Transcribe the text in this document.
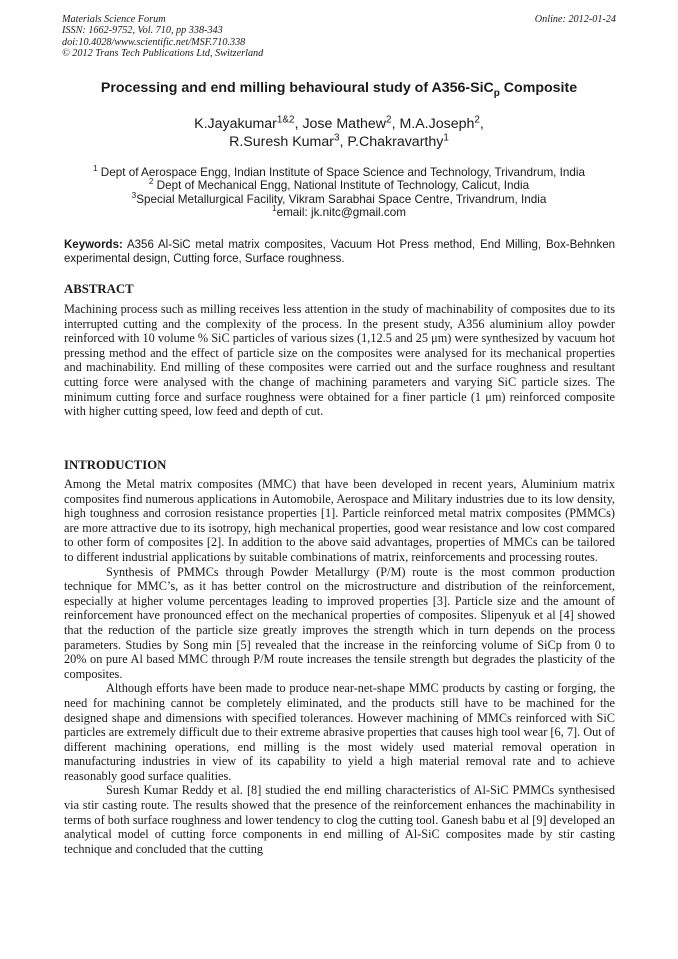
Materials Science Forum
ISSN: 1662-9752, Vol. 710, pp 338-343
doi:10.4028/www.scientific.net/MSF.710.338
© 2012 Trans Tech Publications Ltd, Switzerland
Online: 2012-01-24
Processing and end milling behavioural study of A356-SiC$_p$ Composite
K.Jayakumar$^{1\&2}$, Jose Mathew$^2$, M.A.Joseph$^2$,
R.Suresh Kumar$^3$, P.Chakravarthy$^1$
$^1$ Dept of Aerospace Engg, Indian Institute of Space Science and Technology, Trivandrum, India
$^2$ Dept of Mechanical Engg, National Institute of Technology, Calicut, India
$^3$Special Metallurgical Facility, Vikram Sarabhai Space Centre, Trivandrum, India
$^1$email: jk.nitc@gmail.com
Keywords: A356 Al-SiC metal matrix composites, Vacuum Hot Press method, End Milling, Box-Behnken experimental design, Cutting force, Surface roughness.
ABSTRACT

Machining process such as milling receives less attention in the study of machinability of composites due to its interrupted cutting and the complexity of the process. In the present study, A356 aluminium alloy powder reinforced with 10 volume % SiC particles of various sizes (1,12.5 and 25 μm) were synthesized by vacuum hot pressing method and the effect of particle size on the composites were analysed for its mechanical properties and machinability. End milling of these composites were carried out and the surface roughness and resultant cutting force were analysed with the change of machining parameters and varying SiC particle sizes. The minimum cutting force and surface roughness were obtained for a finer particle (1 μm) reinforced composite with higher cutting speed, low feed and depth of cut.

INTRODUCTION

Among the Metal matrix composites (MMC) that have been developed in recent years, Aluminium matrix composites find numerous applications in Automobile, Aerospace and Military industries due to its low density, high toughness and corrosion resistance properties [1]. Particle reinforced metal matrix composites (PMMCs) are more attractive due to its isotropy, high mechanical properties, good wear resistance and low cost compared to other form of composites [2]. In addition to the above said advantages, properties of MMCs can be tailored to different industrial applications by suitable combinations of matrix, reinforcements and processing routes.

Synthesis of PMMCs through Powder Metallurgy (P/M) route is the most common production technique for MMC’s, as it has better control on the microstructure and distribution of the reinforcement, especially at higher volume percentages leading to improved properties [3]. Particle size and the amount of reinforcement have pronounced effect on the mechanical properties of composites. Slipenyuk et al [4] showed that the reduction of the particle size greatly improves the strength which in turn depends on the process parameters. Studies by Song min [5] revealed that the increase in the reinforcing volume of SiCp from 0 to 20% on pure Al based MMC through P/M route increases the tensile strength but degrades the plasticity of the composites.

Although efforts have been made to produce near-net-shape MMC products by casting or forging, the need for machining cannot be completely eliminated, and the products still have to be machined for the designed shape and dimensions with specified tolerances. However machining of MMCs reinforced with SiC particles are extremely difficult due to their extreme abrasive properties that causes high tool wear [6, 7]. Out of different machining operations, end milling is the most widely used material removal operation in manufacturing industries in view of its capability to yield a high material removal rate and to achieve reasonably good surface qualities.

Suresh Kumar Reddy et al. [8] studied the end milling characteristics of Al-SiC PMMCs synthesised via stir casting route. The results showed that the presence of the reinforcement enhances the machinability in terms of both surface roughness and lower tendency to clog the cutting tool. Ganesh babu et al [9] developed an analytical model of cutting force components in end milling of Al-SiC composites made by stir casting technique and concluded that the cutting
